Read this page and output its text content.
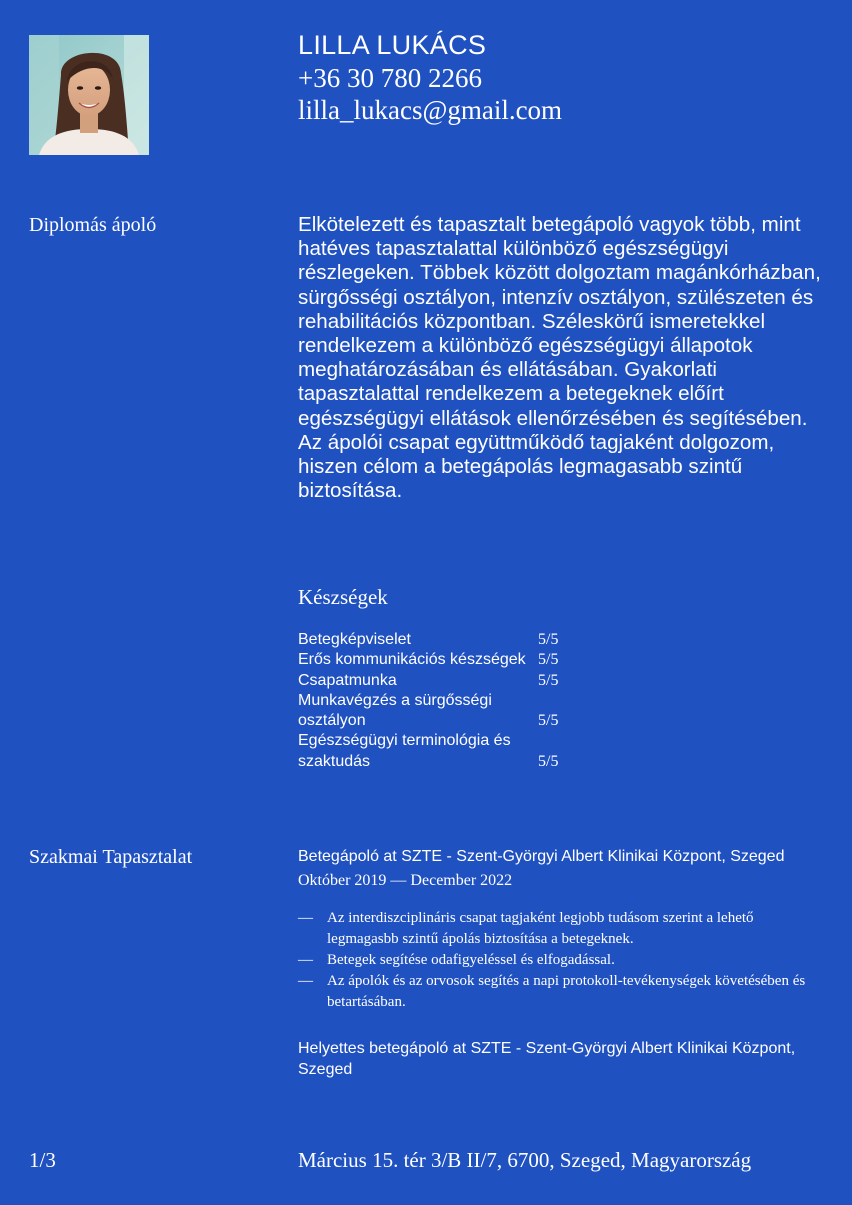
LILLA LUKÁCS
+36 30 780 2266
lilla_lukacs@gmail.com
Diplomás ápoló	Elkötelezett és tapasztalt betegápoló vagyok több, mint hatéves tapasztalattal különböző egészségügyi részlegeken. Többek között dolgoztam magánkórházban, sürgősségi osztályon, intenzív osztályon, szülészeten és rehabilitációs központban. Széleskörű ismeretekkel rendelkezem a különböző egészségügyi állapotok meghatározásában és ellátásában. Gyakorlati tapasztalattal rendelkezem a betegeknek előírt egészségügyi ellátások ellenőrzésében és segítésében. Az ápolói csapat együttműködő tagjaként dolgozom, hiszen célom a betegápolás legmagasabb szintű biztosítása.
Készségek
Betegképviselet	5/5
Erős kommunikációs készségek 5/5
Csapatmunka	5/5
Munkavégzés a sürgősségi osztályon	5/5
Egészségügyi terminológia és szaktudás	5/5
Szakmai Tapasztalat	Betegápoló at SZTE - Szent-Györgyi Albert Klinikai Központ, Szeged
Október 2019 — December 2022
— Az interdiszciplináris csapat tagjaként legjobb tudásom szerint a lehető legmagasbb szintű ápolás biztosítása a betegeknek.
— Betegek segítése odafigyeléssel és elfogadással.
— Az ápolók és az orvosok segítés a napi protokoll-tevékenységek követésében és betartásában.
Helyettes betegápoló at SZTE - Szent-Györgyi Albert Klinikai Központ, Szeged
1/3	Március 15. tér 3/B II/7, 6700, Szeged, Magyarország
